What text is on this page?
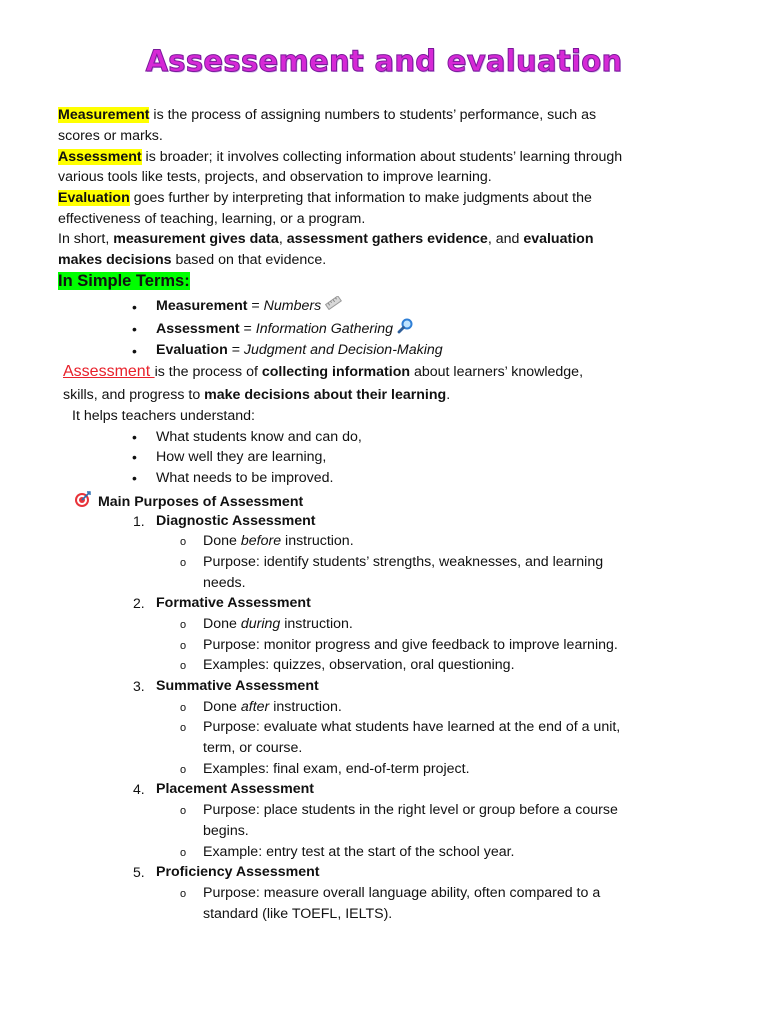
Assessement and evaluation
Measurement is the process of assigning numbers to students’ performance, such as
scores or marks.
Assessment is broader; it involves collecting information about students’ learning through
various tools like tests, projects, and observation to improve learning.
Evaluation goes further by interpreting that information to make judgments about the
effectiveness of teaching, learning, or a program.
In short, measurement gives data, assessment gathers evidence, and evaluation
makes decisions based on that evidence.
In Simple Terms:
• Measurement = Numbers
• Assessment = Information Gathering
• Evaluation = Judgment and Decision-Making
Assessment is the process of collecting information about learners’ knowledge,
skills, and progress to make decisions about their learning.
It helps teachers understand:
• What students know and can do,
• How well they are learning,
• What needs to be improved.
Main Purposes of Assessment
1. Diagnostic Assessment
o Done before instruction.
o Purpose: identify students’ strengths, weaknesses, and learning
needs.
2. Formative Assessment
o Done during instruction.
o Purpose: monitor progress and give feedback to improve learning.
o Examples: quizzes, observation, oral questioning.
3. Summative Assessment
o Done after instruction.
o Purpose: evaluate what students have learned at the end of a unit,
term, or course.
o Examples: final exam, end-of-term project.
4. Placement Assessment
o Purpose: place students in the right level or group before a course
begins.
o Example: entry test at the start of the school year.
5. Proficiency Assessment
o Purpose: measure overall language ability, often compared to a
standard (like TOEFL, IELTS).
